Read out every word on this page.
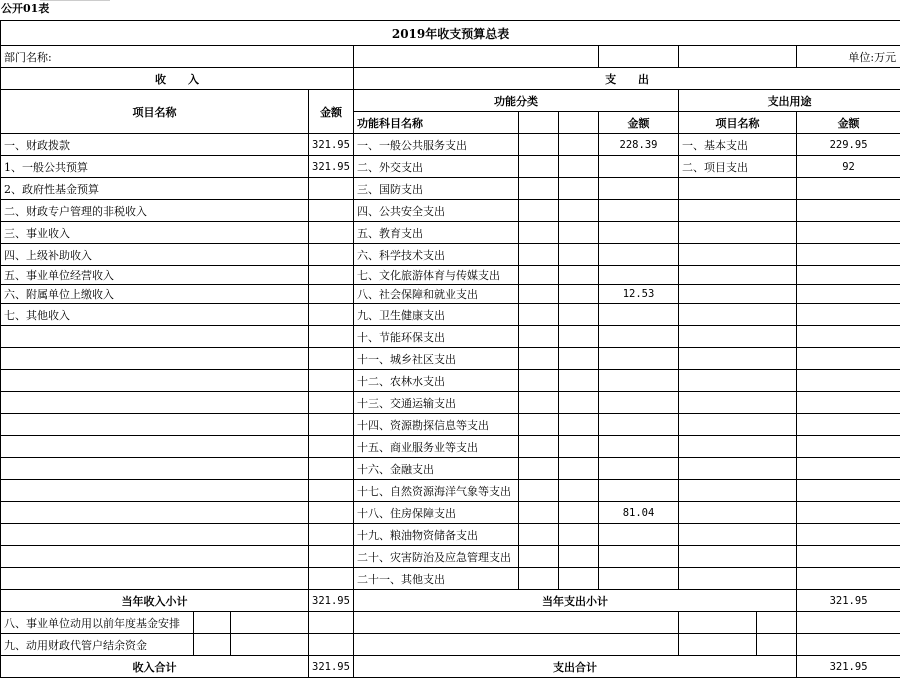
公开01表
2019年收支预算总表										
部门名称:										单位:万元
收　　入				支　　出						
项目名称			金额	功能分类				支出用途		
				功能科目名称			金额	项目名称		金额
一、财政拨款			321.95	一、一般公共服务支出			228.39	一、基本支出		229.95
1、一般公共预算			321.95	二、外交支出				二、项目支出		92
2、政府性基金预算				三、国防支出						
二、财政专户管理的非税收入				四、公共安全支出						
三、事业收入				五、教育支出						
四、上级补助收入				六、科学技术支出						
五、事业单位经营收入				七、文化旅游体育与传媒支出						
六、附属单位上缴收入				八、社会保障和就业支出			12.53			
七、其他收入				九、卫生健康支出						
				十、节能环保支出						
				十一、城乡社区支出						
				十二、农林水支出						
				十三、交通运输支出						
				十四、资源勘探信息等支出						
				十五、商业服务业等支出						
				十六、金融支出						
				十七、自然资源海洋气象等支出						
				十八、住房保障支出			81.04			
				十九、粮油物资储备支出						
				二十、灾害防治及应急管理支出						
				二十一、其他支出						
当年收入小计			321.95	当年支出小计						321.95
八、事业单位动用以前年度基金安排										
九、动用财政代管户结余资金										
收入合计			321.95	支出合计						321.95
